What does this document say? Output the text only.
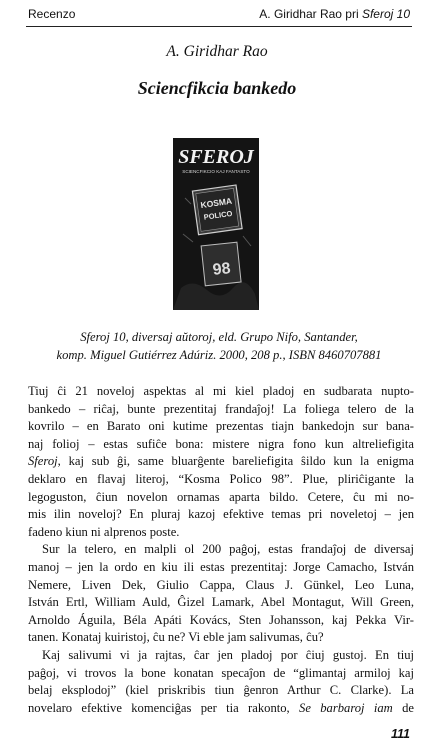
Recenzo	A. Giridhar Rao pri Sferoj 10
A. Giridhar Rao
Sciencfikcia bankedo
SFEROJ
SCIENCFIKCIO KAJ FANTASTO
KOSMA
POLICO
98
Sferoj 10, diversaj aŭtoroj, eld. Grupo Nifo, Santander,
komp. Miguel Gutiérrez Adúriz. 2000, 208 p., ISBN 8460707881

Tiuj ĉi 21 noveloj aspektas al mi kiel pladoj en sudbarata nupto-
bankedo – riĉaj, bunte prezentitaj frandaĵoj! La foliega telero de la
kovrilo – en Barato oni kutime prezentas tiajn bankedojn sur bana-
naj folioj – estas sufiĉe bona: mistere nigra fono kun altreliefigita
Sferoj, kaj sub ĝi, same bluarĝente bareliefigita ŝildo kun la enigma
deklaro en flavaj literoj, “Kosma Polico 98”. Plue, pliriĉigante la
legoguston, ĉiun novelon ornamas aparta bildo. Cetere, ĉu mi no-
mis ilin noveloj? En pluraj kazoj efektive temas pri noveletoj – jen
fadeno kiun ni alprenos poste.

Sur la telero, en malpli ol 200 paĝoj, estas frandaĵoj de diversaj
manoj – jen la ordo en kiu ili estas prezentitaj: Jorge Camacho, István
Nemere, Liven Dek, Giulio Cappa, Claus J. Günkel, Leo Luna,
István Ertl, William Auld, Ĝizel Lamark, Abel Montagut, Will Green,
Arnoldo Águila, Béla Apáti Kovács, Sten Johansson, kaj Pekka Vir-
tanen. Konataj kuiristoj, ĉu ne? Vi eble jam salivumas, ĉu?

Kaj salivumi vi ja rajtas, ĉar jen pladoj por ĉiuj gustoj. En tiuj
paĝoj, vi trovos la bone konatan specaĵon de “glimantaj armiloj kaj
belaj eksplodoj” (kiel priskribis tiun ĝenron Arthur C. Clarke). La
novelaro efektive komenciĝas per tia rakonto, Se barbaroj iam de

111
